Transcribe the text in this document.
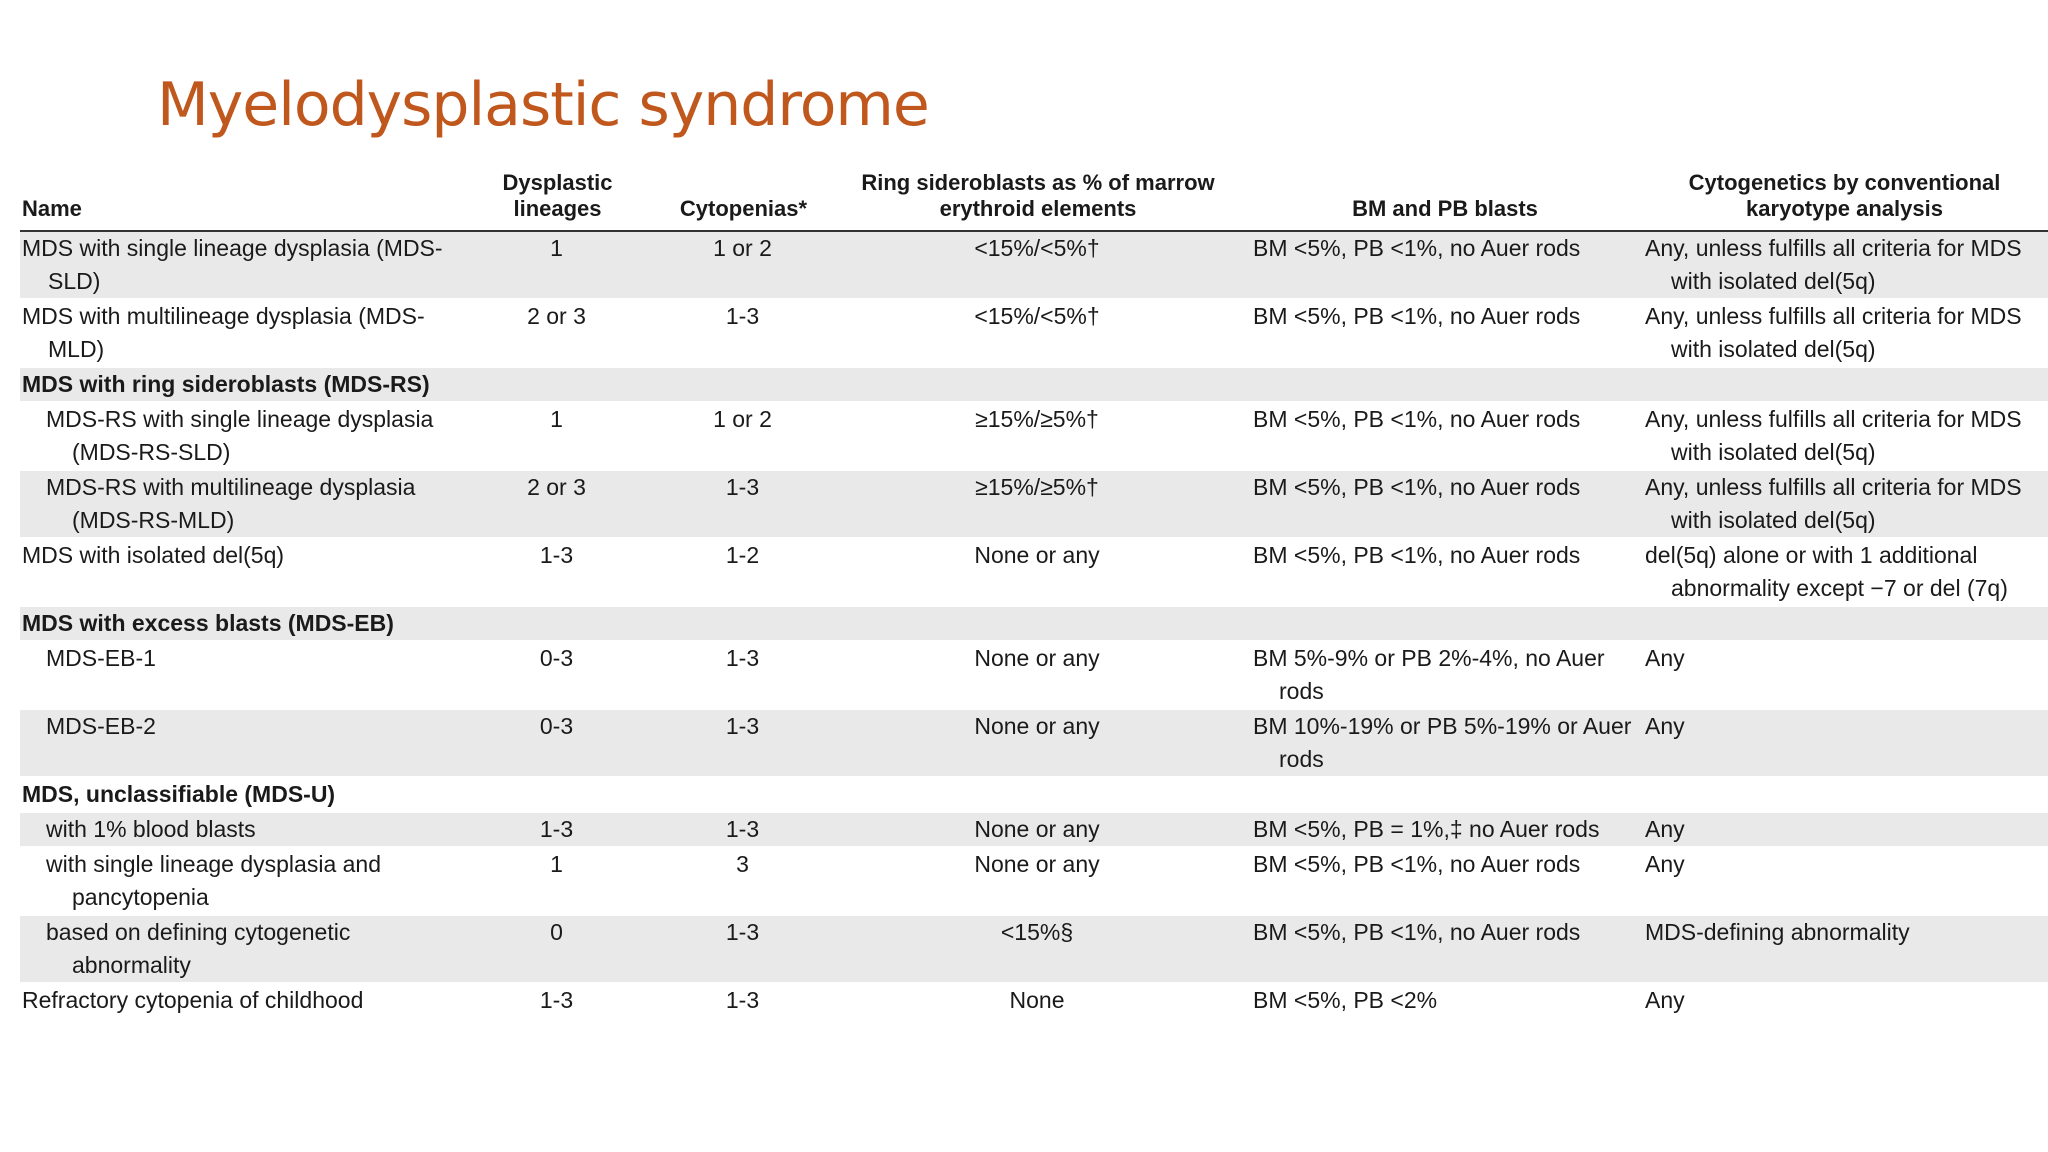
Myelodysplastic syndrome
Name	Dysplastic lineages	Cytopenias*	Ring sideroblasts as % of marrow erythroid elements	BM and PB blasts	Cytogenetics by conventional karyotype analysis

MDS with single lineage dysplasia (MDS-SLD)	1	1 or 2	<15%/<5%†	BM <5%, PB <1%, no Auer rods	Any, unless fulfills all criteria for MDS with isolated del(5q)

MDS with multilineage dysplasia (MDS-MLD)	2 or 3	1-3	<15%/<5%†	BM <5%, PB <1%, no Auer rods	Any, unless fulfills all criteria for MDS with isolated del(5q)

MDS with ring sideroblasts (MDS-RS)					

MDS-RS with single lineage dysplasia (MDS-RS-SLD)	1	1 or 2	≥15%/≥5%†	BM <5%, PB <1%, no Auer rods	Any, unless fulfills all criteria for MDS with isolated del(5q)

MDS-RS with multilineage dysplasia (MDS-RS-MLD)	2 or 3	1-3	≥15%/≥5%†	BM <5%, PB <1%, no Auer rods	Any, unless fulfills all criteria for MDS with isolated del(5q)

MDS with isolated del(5q)	1-3	1-2	None or any	BM <5%, PB <1%, no Auer rods	del(5q) alone or with 1 additional abnormality except −7 or del (7q)

MDS with excess blasts (MDS-EB)					

MDS-EB-1	0-3	1-3	None or any	BM 5%-9% or PB 2%-4%, no Auer rods	Any

MDS-EB-2	0-3	1-3	None or any	BM 10%-19% or PB 5%-19% or Auer rods	Any

MDS, unclassifiable (MDS-U)					

with 1% blood blasts	1-3	1-3	None or any	BM <5%, PB = 1%,‡ no Auer rods	Any

with single lineage dysplasia and pancytopenia	1	3	None or any	BM <5%, PB <1%, no Auer rods	Any

based on defining cytogenetic abnormality	0	1-3	<15%§	BM <5%, PB <1%, no Auer rods	MDS-defining abnormality

Refractory cytopenia of childhood	1-3	1-3	None	BM <5%, PB <2%	Any
